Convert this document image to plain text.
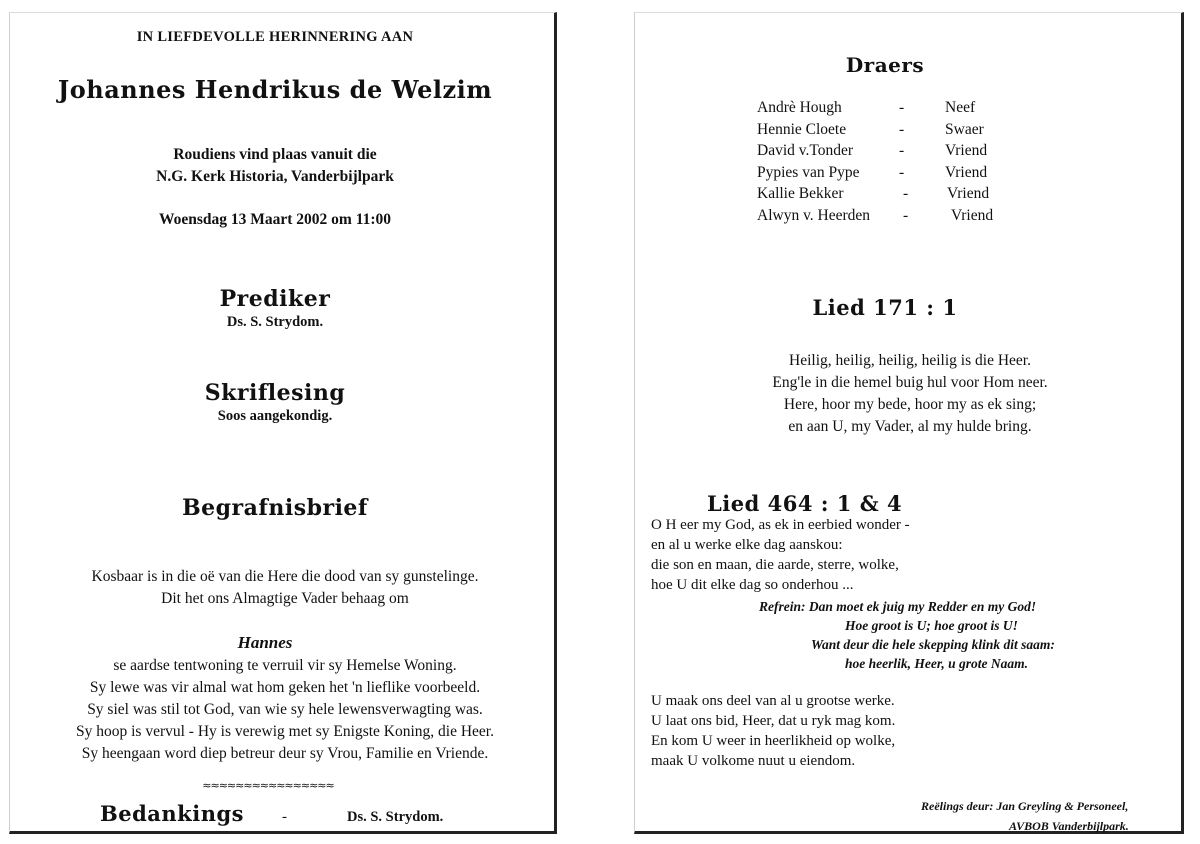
IN LIEFDEVOLLE HERINNERING AAN
Johannes Hendrikus de Welzim
Roudiens vind plaas vanuit die
N.G. Kerk Historia, Vanderbijlpark
Woensdag 13 Maart 2002 om 11:00
Prediker
Ds. S. Strydom.
Skriflesing
Soos aangekondig.
Begrafnisbrief
Kosbaar is in die oë van die Here die dood van sy gunstelinge.
Dit het ons Almagtige Vader behaag om
Hannes
se aardse tentwoning te verruil vir sy Hemelse Woning.
Sy lewe was vir almal wat hom geken het 'n lieflike voorbeeld.
Sy siel was stil tot God, van wie sy hele lewensverwagting was.
Sy hoop is vervul - Hy is verewig met sy Enigste Koning, die Heer.
Sy heengaan word diep betreur deur sy Vrou, Familie en Vriende.
≈≈≈≈≈≈≈≈≈≈≈≈≈≈≈≈
Bedankings	-	Ds. S. Strydom.
Draers
Andrè Hough	-	Neef
Hennie Cloete	-	Swaer
David v.Tonder	-	Vriend
Pypies van Pype	-	Vriend
Kallie Bekker	-	Vriend
Alwyn v. Heerden -	Vriend
Lied 171 : 1
Heilig, heilig, heilig, heilig is die Heer.
Eng'le in die hemel buig hul voor Hom neer.
Here, hoor my bede, hoor my as ek sing;
en aan U, my Vader, al my hulde bring.
Lied 464 : 1 & 4
O H eer my God, as ek in eerbied wonder -
en al u werke elke dag aanskou:
die son en maan, die aarde, sterre, wolke,
hoe U dit elke dag so onderhou ...
Refrein: Dan moet ek juig my Redder en my God!
Hoe groot is U; hoe groot is U!
Want deur die hele skepping klink dit saam:
hoe heerlik, Heer, u grote Naam.
U maak ons deel van al u grootse werke.
U laat ons bid, Heer, dat u ryk mag kom.
En kom U weer in heerlikheid op wolke,
maak U volkome nuut u eiendom.
Reëlings deur: Jan Greyling & Personeel,
AVBOB Vanderbijlpark.
